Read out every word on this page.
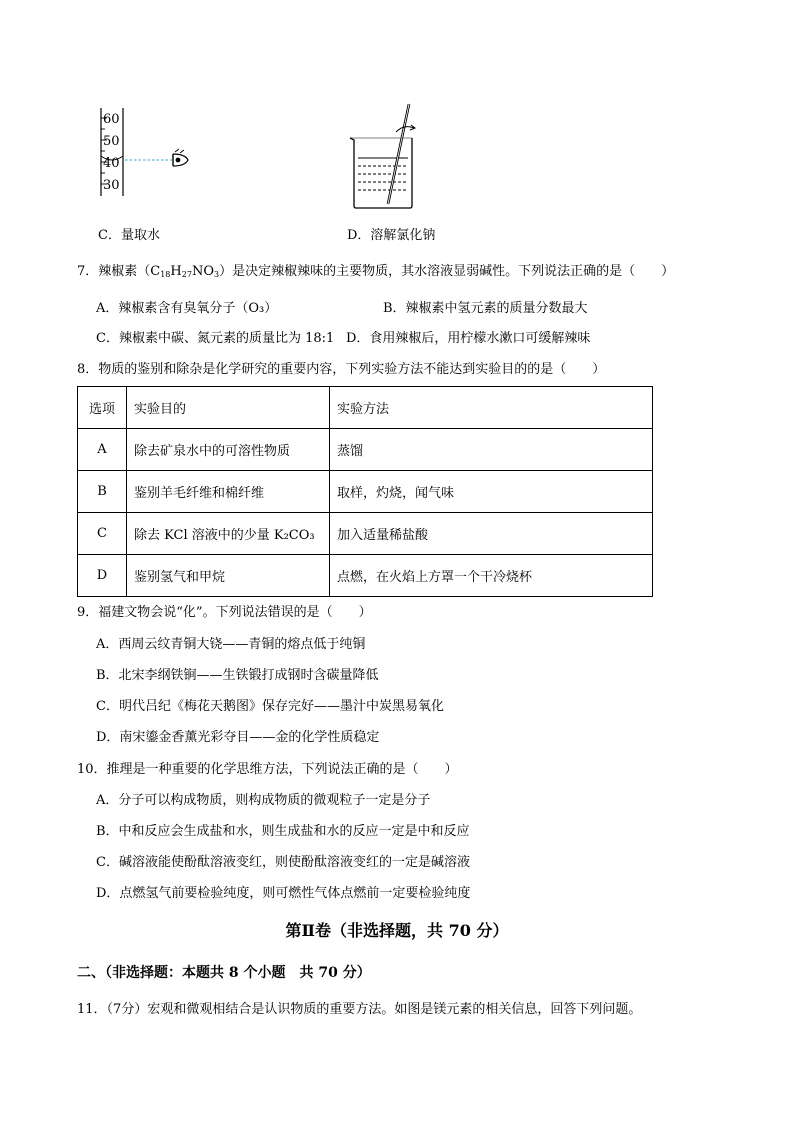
60
50
40
30
C．量取水	D．溶解氯化钠
7．辣椒素$(C_{18}H_{27}NO_3)$是决定辣椒辣味的主要物质，其水溶液显弱碱性。下列说法正确的是（　　）
A．辣椒素含有臭氧分子（O₃）	B．辣椒素中氢元素的质量分数最大
C．辣椒素中碳、氮元素的质量比为 18:1 D．食用辣椒后，用柠檬水漱口可缓解辣味
8．物质的鉴别和除杂是化学研究的重要内容，下列实验方法不能达到实验目的的是（　　）
选项	实验目的	实验方法
A	除去矿泉水中的可溶性物质	蒸馏
B	鉴别羊毛纤维和棉纤维	取样，灼烧，闻气味
C	除去 KCl 溶液中的少量 K₂CO₃	加入适量稀盐酸
D	鉴别氢气和甲烷	点燃，在火焰上方罩一个干冷烧杯
9．福建文物会说“化”。下列说法错误的是（　　）
A．西周云纹青铜大铙——青铜的熔点低于纯铜
B．北宋李纲铁锏——生铁锻打成钢时含碳量降低
C．明代吕纪《梅花天鹅图》保存完好——墨汁中炭黑易氧化
D．南宋鎏金香薰光彩夺目——金的化学性质稳定
10．推理是一种重要的化学思维方法，下列说法正确的是（　　）
A．分子可以构成物质，则构成物质的微观粒子一定是分子
B．中和反应会生成盐和水，则生成盐和水的反应一定是中和反应
C．碱溶液能使酚酞溶液变红，则使酚酞溶液变红的一定是碱溶液
D．点燃氢气前要检验纯度，则可燃性气体点燃前一定要检验纯度
第Ⅱ卷（非选择题，共 70 分）
二、（非选择题：本题共 8 个小题　共 70 分）
11．（7分）宏观和微观相结合是认识物质的重要方法。如图是镁元素的相关信息，回答下列问题。
